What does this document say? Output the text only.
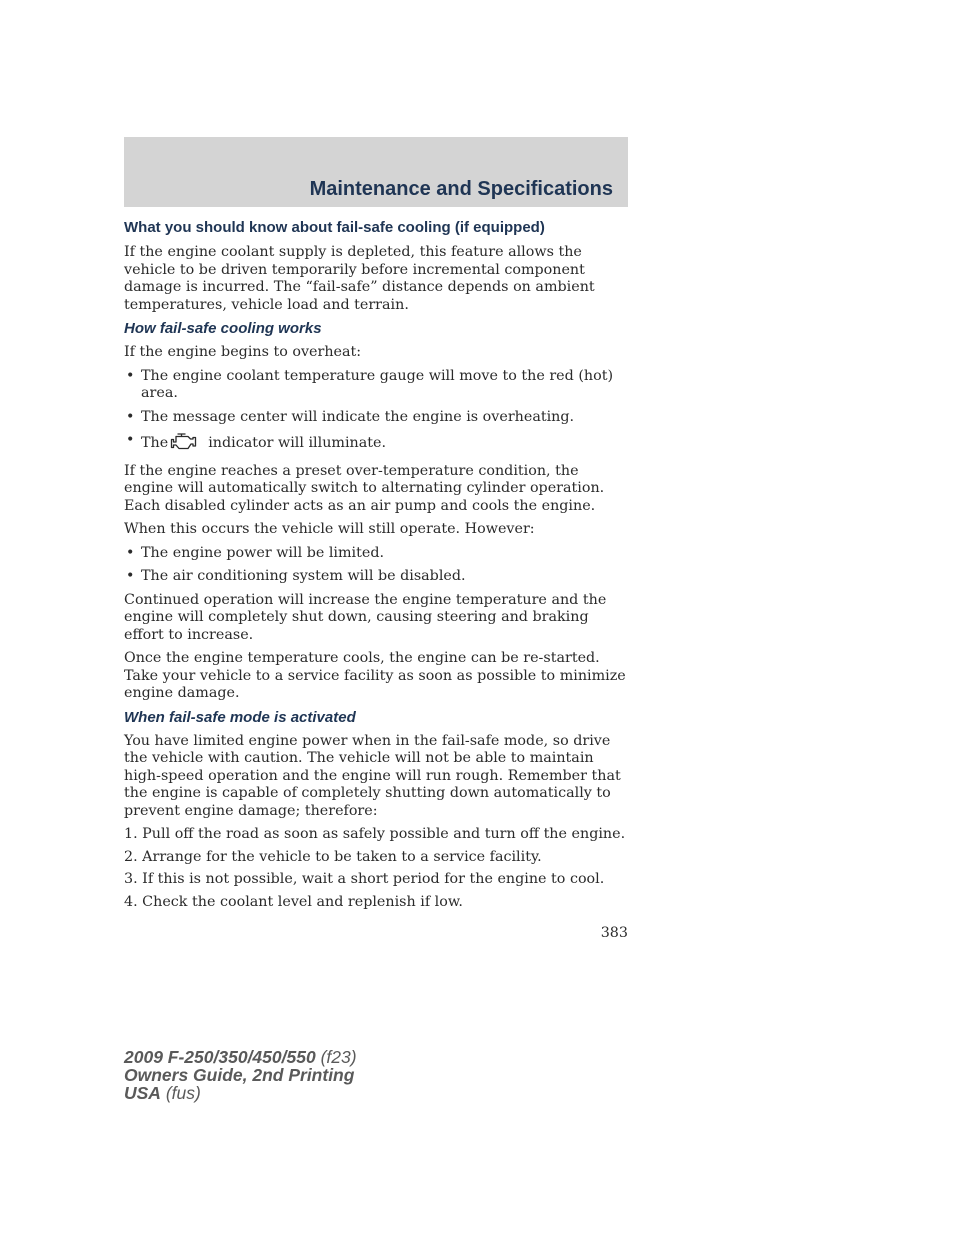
Maintenance and Specifications
What you should know about fail-safe cooling (if equipped)

If the engine coolant supply is depleted, this feature allows the vehicle to be driven temporarily before incremental component damage is incurred. The “fail-safe” distance depends on ambient temperatures, vehicle load and terrain.

How fail-safe cooling works

If the engine begins to overheat:

• The engine coolant temperature gauge will move to the red (hot) area.
• The message center will indicate the engine is overheating.
• The	indicator will illuminate.

If the engine reaches a preset over-temperature condition, the engine will automatically switch to alternating cylinder operation. Each disabled cylinder acts as an air pump and cools the engine.

When this occurs the vehicle will still operate. However:

• The engine power will be limited.
• The air conditioning system will be disabled.

Continued operation will increase the engine temperature and the engine will completely shut down, causing steering and braking effort to increase.

Once the engine temperature cools, the engine can be re-started. Take your vehicle to a service facility as soon as possible to minimize engine damage.

When fail-safe mode is activated

You have limited engine power when in the fail-safe mode, so drive the vehicle with caution. The vehicle will not be able to maintain high-speed operation and the engine will run rough. Remember that the engine is capable of completely shutting down automatically to prevent engine damage; therefore:

1. Pull off the road as soon as safely possible and turn off the engine.
2. Arrange for the vehicle to be taken to a service facility.
3. If this is not possible, wait a short period for the engine to cool.
4. Check the coolant level and replenish if low.
383
2009 F-250/350/450/550 (f23)
Owners Guide, 2nd Printing
USA (fus)
